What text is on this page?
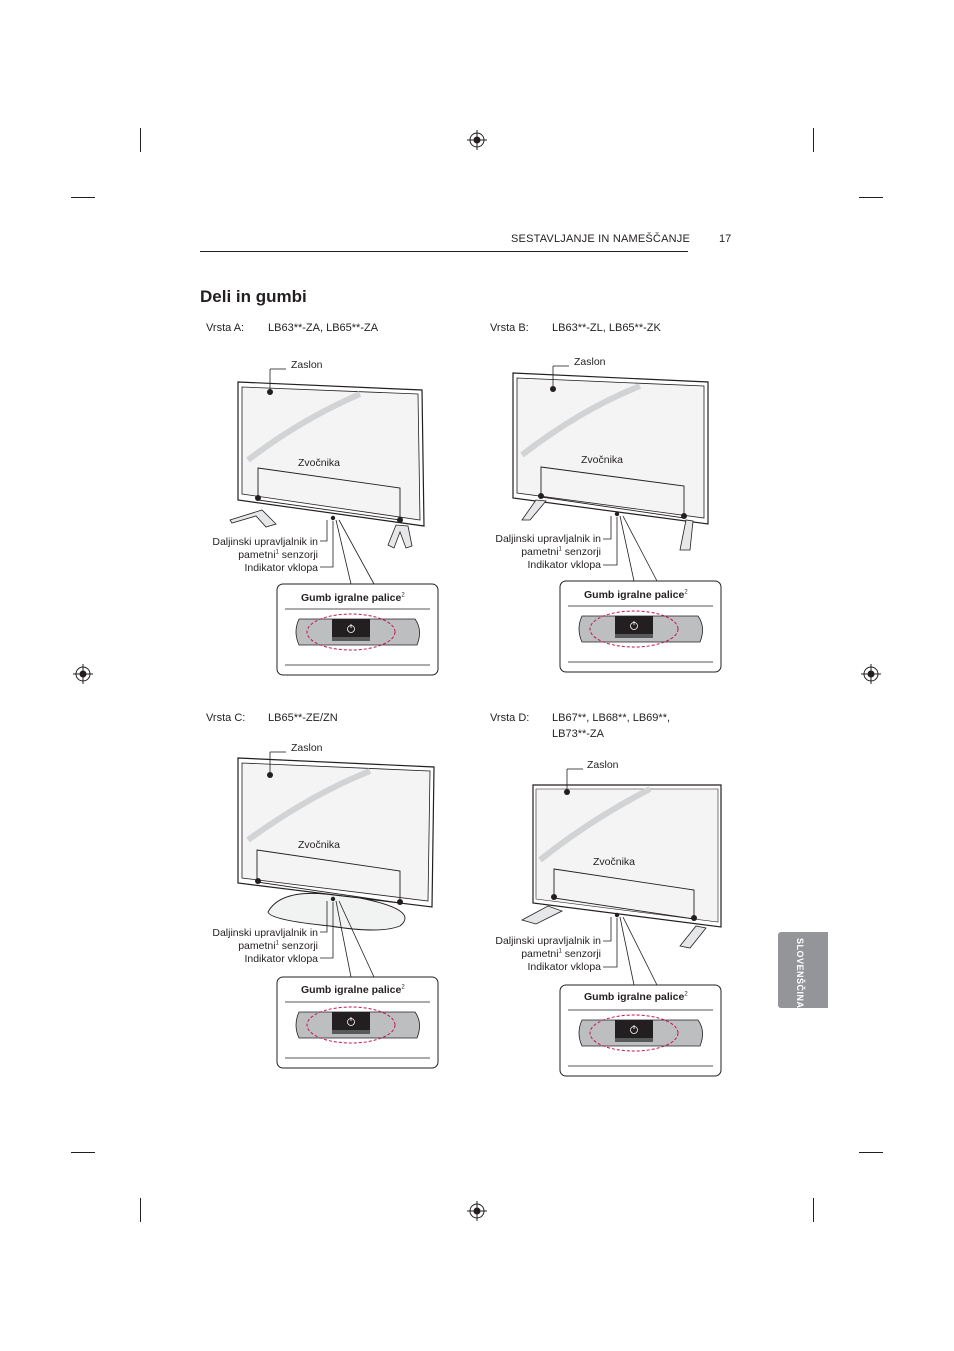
SESTAVLJANJE IN NAMEŠČANJE	17
Deli in gumbi
SLOVENŠČINA
Vrsta A: LB63**-ZA, LB65**-ZA
Zaslon
Zvočnika
Daljinski upravljalnik in
pametni$^1$ senzorji
Indikator vklopa
Gumb igralne palice$^2$
Vrsta B: LB63**-ZL, LB65**-ZK
Zaslon
Zvočnika
Daljinski upravljalnik in
pametni$^1$ senzorji
Indikator vklopa
Gumb igralne palice$^2$
Vrsta C: LB65**-ZE/ZN
Zaslon
Zvočnika
Daljinski upravljalnik in
pametni$^1$ senzorji
Indikator vklopa
Gumb igralne palice$^2$
Vrsta D: LB67**, LB68**, LB69**,
LB73**-ZA
Zaslon
Zvočnika
Daljinski upravljalnik in
pametni$^1$ senzorji
Indikator vklopa
Gumb igralne palice$^2$
